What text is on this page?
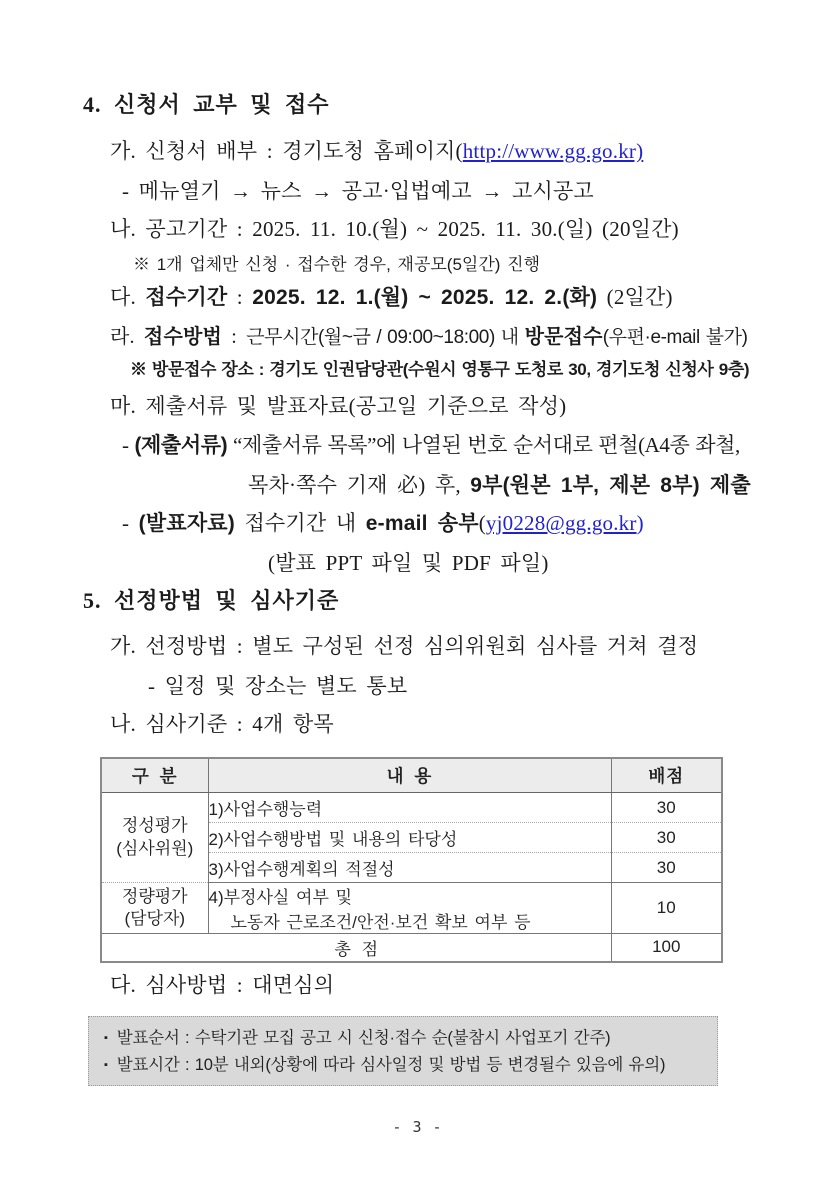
4. 신청서 교부 및 접수
가. 신청서 배부 : 경기도청 홈페이지(http://www.gg.go.kr)
- 메뉴열기 → 뉴스 → 공고·입법예고 → 고시공고
나. 공고기간 : 2025. 11. 10.(월) ~ 2025. 11. 30.(일) (20일간)
※ 1개 업체만 신청 · 접수한 경우, 재공모(5일간) 진행
다. 접수기간 : 2025. 12. 1.(월) ~ 2025. 12. 2.(화) (2일간)
라. 접수방법 : 근무시간(월~금 / 09:00~18:00) 내 방문접수(우편·e-mail 불가)
※ 방문접수 장소 : 경기도 인권담당관(수원시 영통구 도청로 30, 경기도청 신청사 9층)
마. 제출서류 및 발표자료(공고일 기준으로 작성)
- (제출서류) “제출서류 목록”에 나열된 번호 순서대로 편철(A4종 좌철,
목차·쪽수 기재 必) 후, 9부(원본 1부, 제본 8부) 제출
- (발표자료) 접수기간 내 e-mail 송부(yj0228@gg.go.kr)
(발표 PPT 파일 및 PDF 파일)
5. 선정방법 및 심사기준
가. 선정방법 : 별도 구성된 선정 심의위원회 심사를 거쳐 결정
- 일정 및 장소는 별도 통보
나. 심사기준 : 4개 항목
구 분	내 용	배점

정성평가
(심사위원)	1)사업수행능력	30
	2)사업수행방법 및 내용의 타당성	30
	3)사업수행계획의 적절성	30

정량평가
(담당자)	4)부정사실 여부 및
노동자 근로조건/안전·보건 확보 여부 등	10
총 점		100
다. 심사방법 : 대면심의
▪ 발표순서 : 수탁기관 모집 공고 시 신청·접수 순(불참시 사업포기 간주)
▪ 발표시간 : 10분 내외(상황에 따라 심사일정 및 방법 등 변경될수 있음에 유의)
- 3 -
